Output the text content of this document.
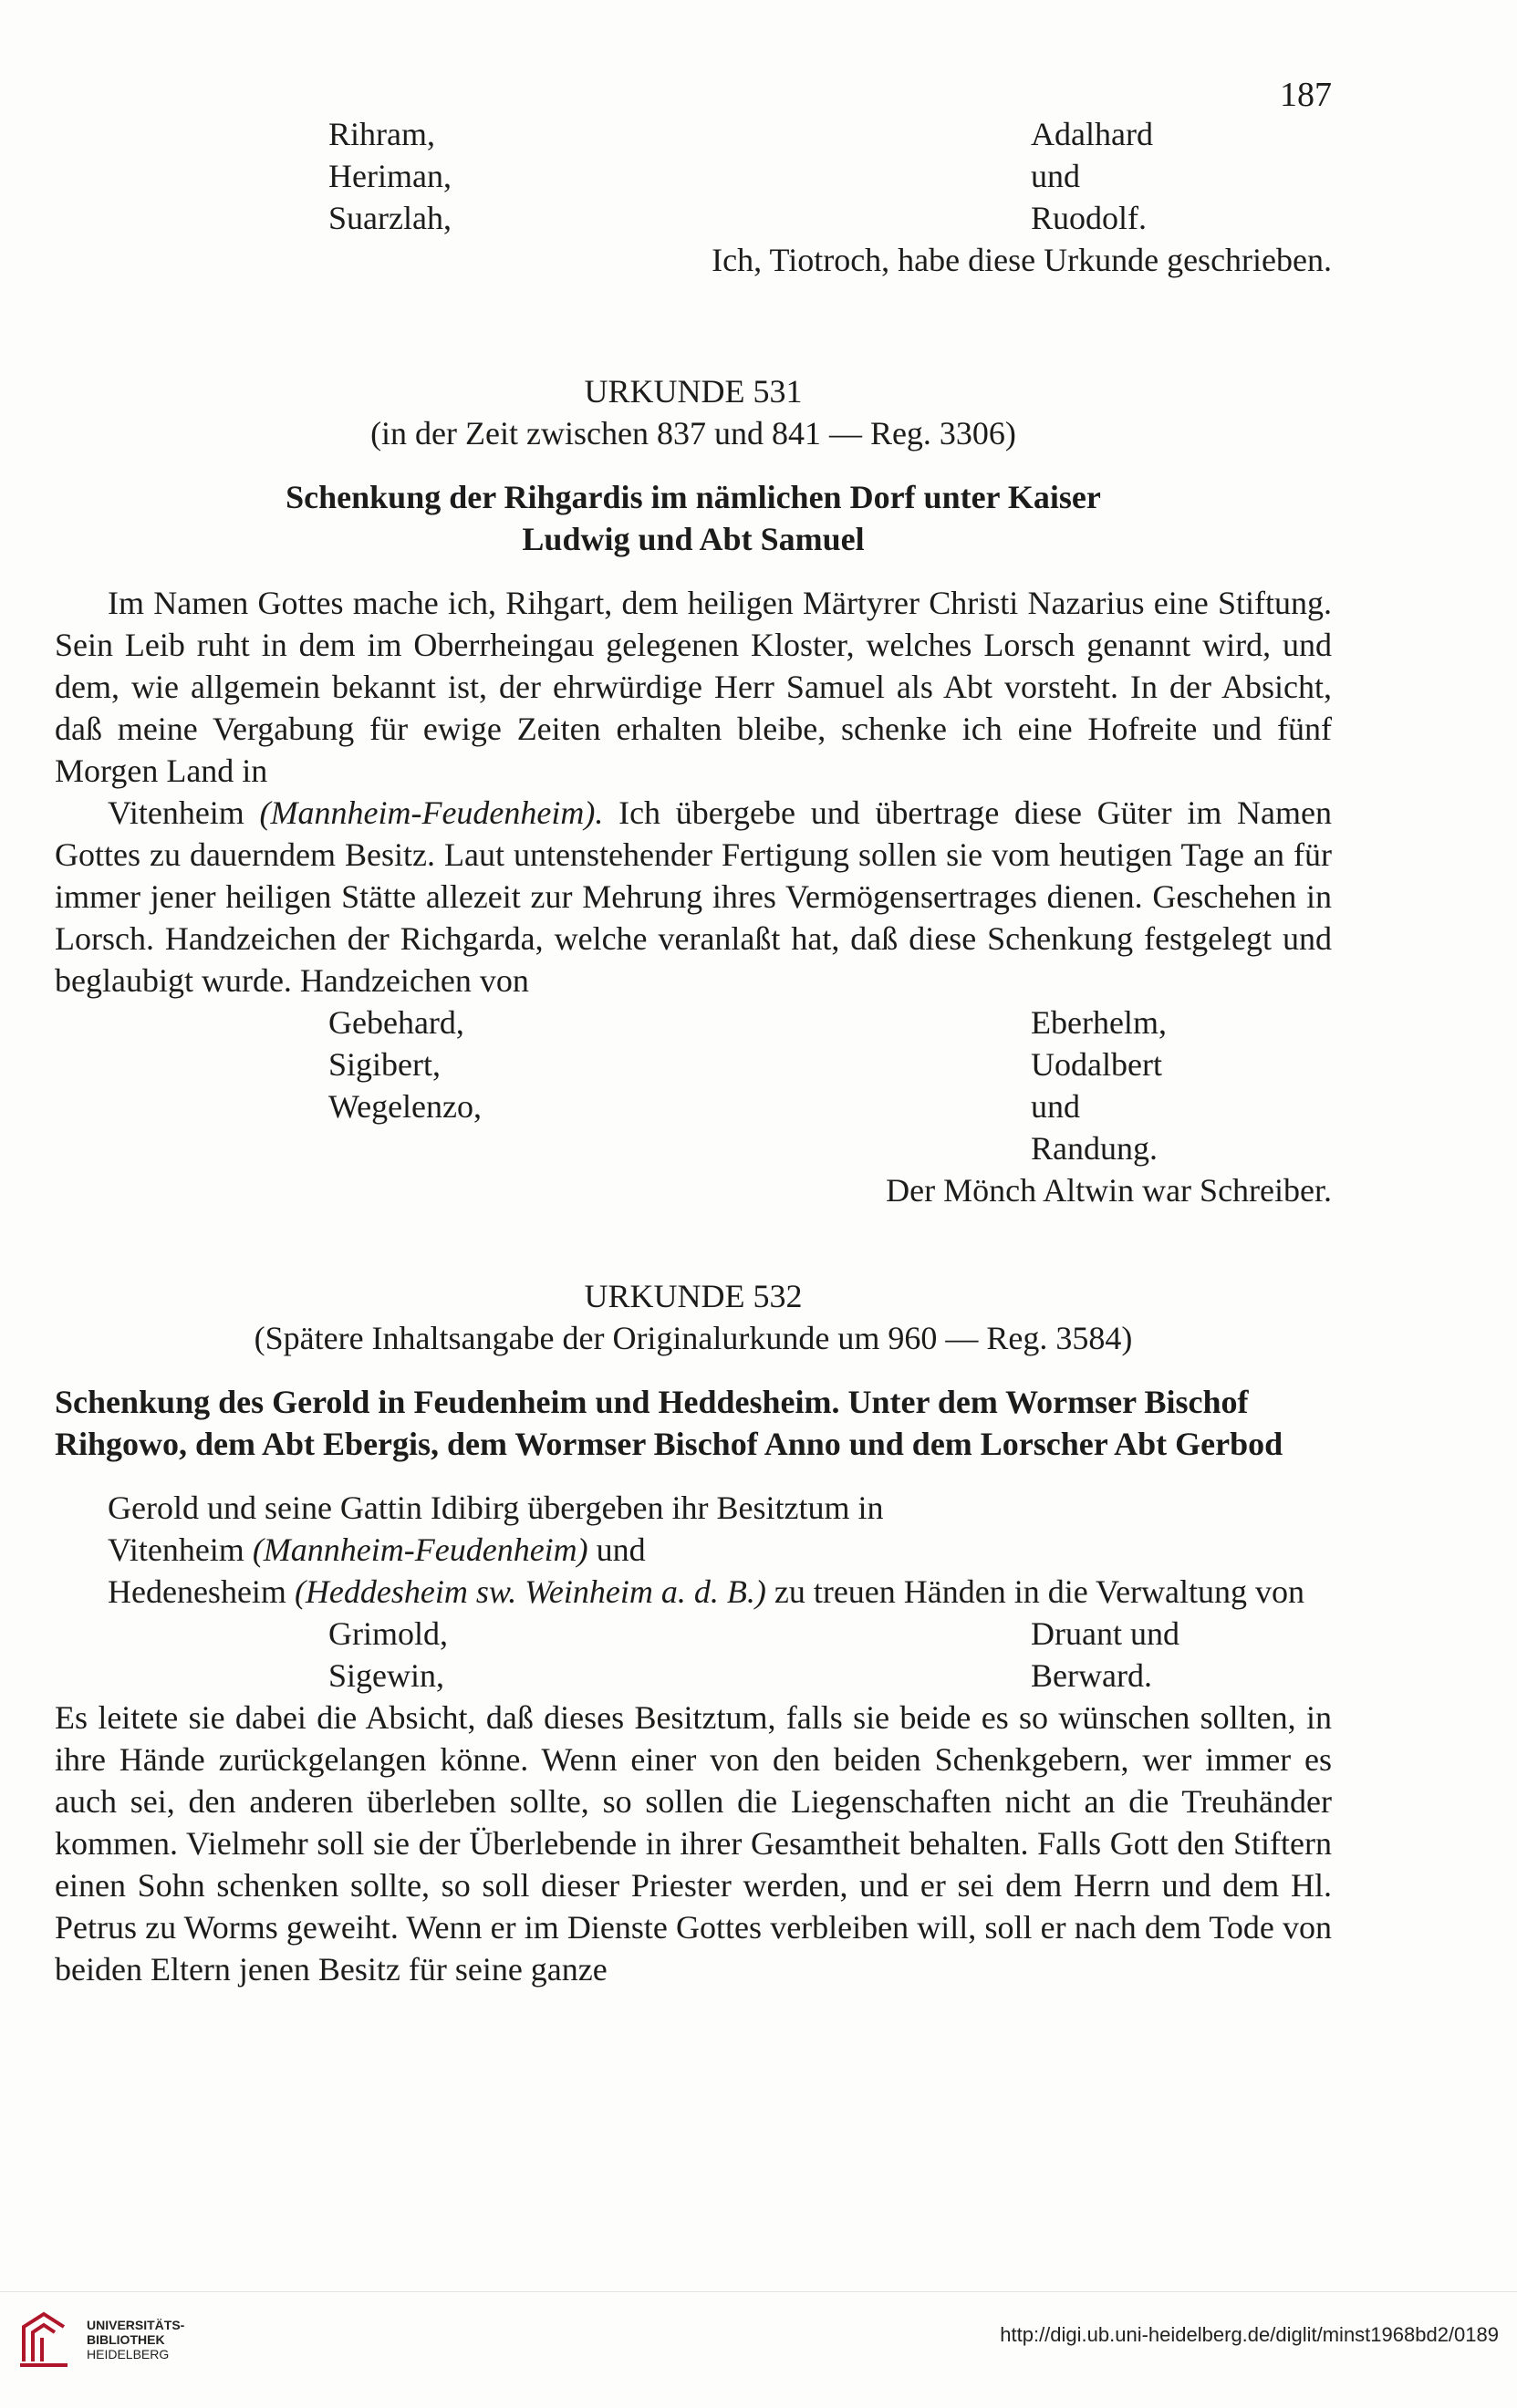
187
Rihram,	Adalhard
Heriman,	und
Suarzlah,	Ruodolf.

Ich, Tiotroch, habe diese Urkunde geschrieben.

URKUNDE 531

(in der Zeit zwischen 837 und 841 — Reg. 3306)

Schenkung der Rihgardis im nämlichen Dorf unter Kaiser

Ludwig und Abt Samuel

Im Namen Gottes mache ich, Rihgart, dem heiligen Märtyrer Christi Nazarius eine Stiftung. Sein Leib ruht in dem im Oberrheingau gelegenen Kloster, welches Lorsch genannt wird, und dem, wie allgemein bekannt ist, der ehrwürdige Herr Samuel als Abt vorsteht. In der Absicht, daß meine Vergabung für ewige Zeiten erhalten bleibe, schenke ich eine Hofreite und fünf Morgen Land in

Vitenheim (Mannheim-Feudenheim). Ich übergebe und übertrage diese Güter im Namen Gottes zu dauerndem Besitz. Laut untenstehender Fertigung sollen sie vom heutigen Tage an für immer jener heiligen Stätte allezeit zur Mehrung ihres Vermögensertrages dienen. Geschehen in Lorsch. Handzeichen der Richgarda, welche veranlaßt hat, daß diese Schenkung festgelegt und beglaubigt wurde. Handzeichen von

Gebehard,	Eberhelm,
Sigibert,	Uodalbert
Wegelenzo,	und
Randung.

Der Mönch Altwin war Schreiber.

URKUNDE 532

(Spätere Inhaltsangabe der Originalurkunde um 960 — Reg. 3584)

Schenkung des Gerold in Feudenheim und Heddesheim. Unter dem Wormser Bischof

Rihgowo, dem Abt Ebergis, dem Wormser Bischof Anno und dem Lorscher Abt Gerbod

Gerold und seine Gattin Idibirg übergeben ihr Besitztum in

Vitenheim (Mannheim-Feudenheim) und

Hedenesheim (Heddesheim sw. Weinheim a. d. B.) zu treuen Händen in die Verwaltung von

Grimold,	Druant und
Sigewin,	Berward.

Es leitete sie dabei die Absicht, daß dieses Besitztum, falls sie beide es so wünschen sollten, in ihre Hände zurückgelangen könne. Wenn einer von den beiden Schenkgebern, wer immer es auch sei, den anderen überleben sollte, so sollen die Liegenschaften nicht an die Treuhänder kommen. Vielmehr soll sie der Überlebende in ihrer Gesamtheit behalten. Falls Gott den Stiftern einen Sohn schenken sollte, so soll dieser Priester werden, und er sei dem Herrn und dem Hl. Petrus zu Worms geweiht. Wenn er im Dienste Gottes verbleiben will, soll er nach dem Tode von beiden Eltern jenen Besitz für seine ganze

UNIVERSITÄTS-
BIBLIOTHEK
HEIDELBERG
http://digi.ub.uni-heidelberg.de/diglit/minst1968bd2/0189
